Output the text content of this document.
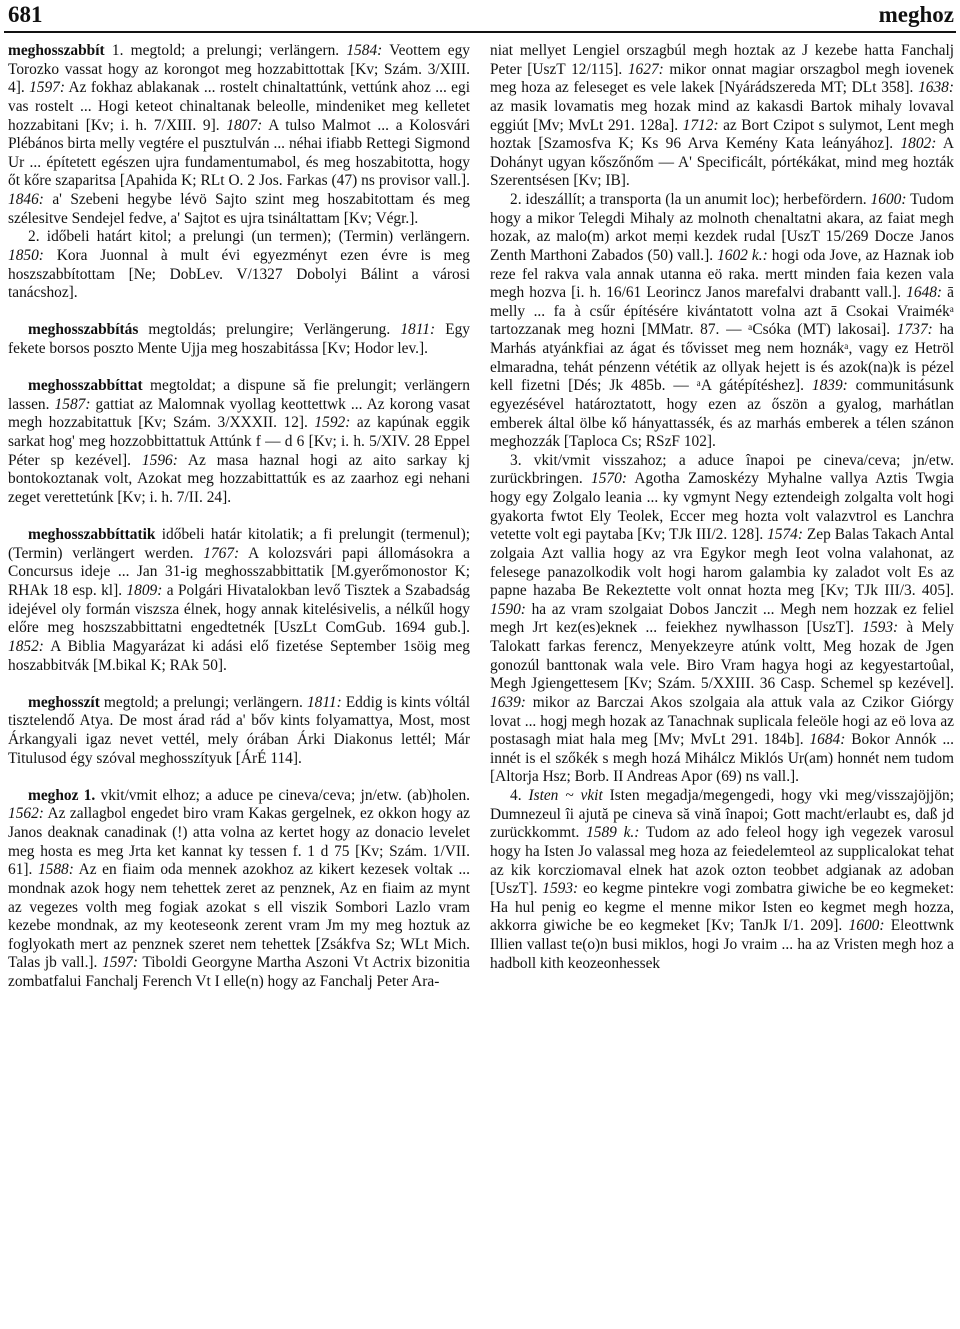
681	meghoz

meghosszabbít 1. megtold; a prelungi; verlängern. 1584: Veottem egy Torozko vassat hogy az korongot meg hozzabittottak [Kv; Szám. 3/XIII. 4]. 1597: Az fokhaz ablakanak ... rostelt chinaltattúnk, vettúnk ahoz ... egi vas rostelt ... Hogi keteot chinaltanak beleolle, mindeniket meg kelletet hozzabitani [Kv; i. h. 7/XIII. 9]. 1807: A tulso Malmot ... a Kolosvári Plébános birta melly vegtére el pusztulván ... néhai ifiabb Rettegi Sigmond Ur ... építetett egészen ujra fundamentumabol, és meg hoszabitotta, hogy őt kőre szaparitsa [Apahida K; RLt O. 2 Jos. Farkas (47) ns provisor vall.]. 1846: a' Szebeni hegybe lévö Sajto szint meg hoszabitottam és meg szélesitve Sendejel fedve, a' Sajtot es ujra tsináltattam [Kv; Végr.].

2. időbeli határt kitol; a prelungi (un termen); (Termin) verlängern. 1850: Kora Juonnal à mult évi egyezményt ezen évre is meg hoszszabbítottam [Ne; DobLev. V/1327 Dobolyi Bálint a városi tanácshoz].

meghosszabbítás megtoldás; prelungire; Verlängerung. 1811: Egy fekete borsos poszto Mente Ujja meg hoszabitássa [Kv; Hodor lev.].

meghosszabbíttat megtoldat; a dispune să fie prelungit; verlängern lassen. 1587: gattiat az Malomnak vyollag keottettwk ... Az korong vasat megh hozzabitattuk [Kv; Szám. 3/XXXII. 12]. 1592: az kapúnak eggik sarkat hog' meg hozzobbittattuk Attúnk f — d 6 [Kv; i. h. 5/XIV. 28 Eppel Péter sp kezével]. 1596: Az masa haznal hogi az aito sarkay kj bontokoztanak volt, Azokat meg hozzabittattúk es az zaarhoz egi nehani zeget verettetúnk [Kv; i. h. 7/II. 24].

meghosszabbíttatik időbeli határ kitolatik; a fi prelungit (termenul); (Termin) verlängert werden. 1767: A kolozsvári papi állomásokra a Concursus ideje ... Jan 31-ig meghosszabbittatik [M.gyerőmonostor K; RHAk 18 esp. kl]. 1809: a Polgári Hivatalokban levő Tisztek a Szabadság idejével oly formán viszsza élnek, hogy annak kitelésivelis, a nélkűl hogy előre meg hoszszabbittatni engedtetnék [UszLt ComGub. 1694 gub.]. 1852: A Biblia Magyarázat ki adási elő fizetése September 1söig meg hoszabbitvák [M.bikal K; RAk 50].

meghosszít megtold; a prelungi; verlängern. 1811: Eddig is kints vóltál tisztelendő Atya. De most árad rád a' bőv kints folyamattya, Most, most Árkangyali igaz nevet vettél, mely órában Árki Diakonus lettél; Már Titulusod égy szóval meghosszítyuk [ÁrÉ 114].

meghoz 1. vkit/vmit elhoz; a aduce pe cineva/ceva; jn/etw. (ab)holen. 1562: Az zallagbol engedet biro vram Kakas gergelnek, ez okkon hogy az Janos deaknak canadinak (!) atta volna az kertet hogy az donacio levelet meg hosta es meg Jrta ket kannat ky tessen f. 1 d 75 [Kv; Szám. 1/VII. 61]. 1588: Az en fiaim oda mennek azokhoz az kikert kezesek voltak ... mondnak azok hogy nem tehettek zeret az penznek, Az en fiaim az mynt az vegezes volth meg fogiak azokat s ell viszik Sombori Lazlo vram kezebe mondnak, az my keoteseonk zerent vram Jm my meg hoztuk az foglyokath mert az penznek szeret nem tehettek [Zsákfva Sz; WLt Mich. Talas jb vall.]. 1597: Tiboldi Georgyne Martha Aszoni Vt Actrix bizonitia zombatfalui Fanchalj Ferench Vt I elle(n) hogy az Fanchalj Peter Ara-

niat mellyet Lengiel orszagbúl megh hoztak az J kezebe hatta Fanchalj Peter [UszT 12/115]. 1627: mikor onnat magiar orszagbol megh iovenek meg hoza az feleseget es vele lakek [Nyárádszereda MT; DLt 358]. 1638: az masik lovamatis meg hozak mind az kakasdi Bartok mihaly lovaval eggiút [Mv; MvLt 291. 128a]. 1712: az Bort Czipot s sulymot, Lent megh hoztak [Szamosfva K; Ks 96 Arva Kemény Kata leányához]. 1802: A Dohányt ugyan kőszőnőm — A' Specificált, pórtékákat, mind meg hozták Szerentsésen [Kv; IB].

2. ideszállít; a transporta (la un anumit loc); herbefördern. 1600: Tudom hogy a mikor Telegdi Mihaly az molnoth chenaltatni akara, az faiat megh hozak, az malo(m) arkot meṃi kezdek rudal [UszT 15/269 Docze Janos Zenth Marthoni Zabados (50) vall.]. 1602 k.: hogi oda Jove, az Haznak iob reze fel rakva vala annak utanna eö raka. mertt minden faia kezen vala megh hozva [i. h. 16/61 Leorincz Janos marefalvi drabantt vall.]. 1648: ā melly ... fa à csűr építésére kivántatott volna azt ā Csokai Vraimékᵃ tartozzanak meg hozni [MMatr. 87. — ᵃCsóka (MT) lakosai]. 1737: ha Marhás atyánkfiai az ágat és tővisset meg nem hoznákᵃ, vagy ez Hetröl elmaradna, tehát pénzenn vététik az ollyak hejett is és azok(na)k is pézel kell fizetni [Dés; Jk 485b. — ᵃA gátépítéshez]. 1839: communitásunk egyezésével határoztatott, hogy ezen az őszön a gyalog, marhátlan emberek által ölbe kő hányattassék, és az marhás emberek a télen szánon meghozzák [Taploca Cs; RSzF 102].

3. vkit/vmit visszahoz; a aduce înapoi pe cineva/ceva; jn/etw. zurückbringen. 1570: Agotha Zamoskézy Myhalne vallya Aztis Twgia hogy egy Zolgalo leania ... ky vgmynt Negy eztendeigh zolgalta volt hogi gyakorta fwtot Ely Teolek, Eccer meg hozta volt valazvtrol es Lanchra vetette volt egi paytaba [Kv; TJk III/2. 128]. 1574: Zep Balas Takach Antal zolgaia Azt vallia hogy az vra Egykor megh Ieot volna valahonat, az felesege panazolkodik volt hogi harom galambia ky zaladot volt Es az papne hazaba Be Rekeztette volt onnat hozta meg [Kv; TJk III/3. 405]. 1590: ha az vram szolgaiat Dobos Janczit ... Megh nem hozzak ez feliel megh Jrt kez(es)eknek ... feiekhez nywlhasson [UszT]. 1593: à Mely Talokatt farkas ferencz, Menyekzeyre atúnk voltt, Meg hozak de Jgen gonozúl banttonak wala vele. Biro Vram hagya hogi az kegyestartoûal, Megh Jgiengettesem [Kv; Szám. 5/XXIII. 36 Casp. Schemel sp kezével]. 1639: mikor az Barczai Akos szolgaia ala attuk vala az Czikor Giórgy lovat ... hogj megh hozak az Tanachnak suplicala feleöle hogi az eö lova az postasagh miat hala meg [Mv; MvLt 291. 184b]. 1684: Bokor Annók ... innét is el szőkék s megh hozá Mihálcz Miklós Ur(am) honnét nem tudom [Altorja Hsz; Borb. II Andreas Apor (69) ns vall.].

4. Isten ~ vkit Isten megadja/megengedi, hogy vki meg/visszajöjjön; Dumnezeul îi ajută pe cineva să vină înapoi; Gott macht/erlaubt es, daß jd zurückkommt. 1589 k.: Tudom az ado feleol hogy igh vegezek varosul hogy ha Isten Jo valassal meg hoza az feiedelemteol az supplicalokat tehat az kik korcziomaval elnek hat azok ozton teobbet adgianak az adoban [UszT]. 1593: eo kegme pintekre vogi zombatra giwiche be eo kegmeket: Ha hul penig eo kegme el menne mikor Isten eo kegmet megh hozza, akkorra giwiche be eo kegmeket [Kv; TanJk I/1. 209]. 1600: Eleottwnk Illien vallast te(o)n busi miklos, hogi Jo vraim ... ha az Vristen megh hoz a hadboll kith keozeonhessek
